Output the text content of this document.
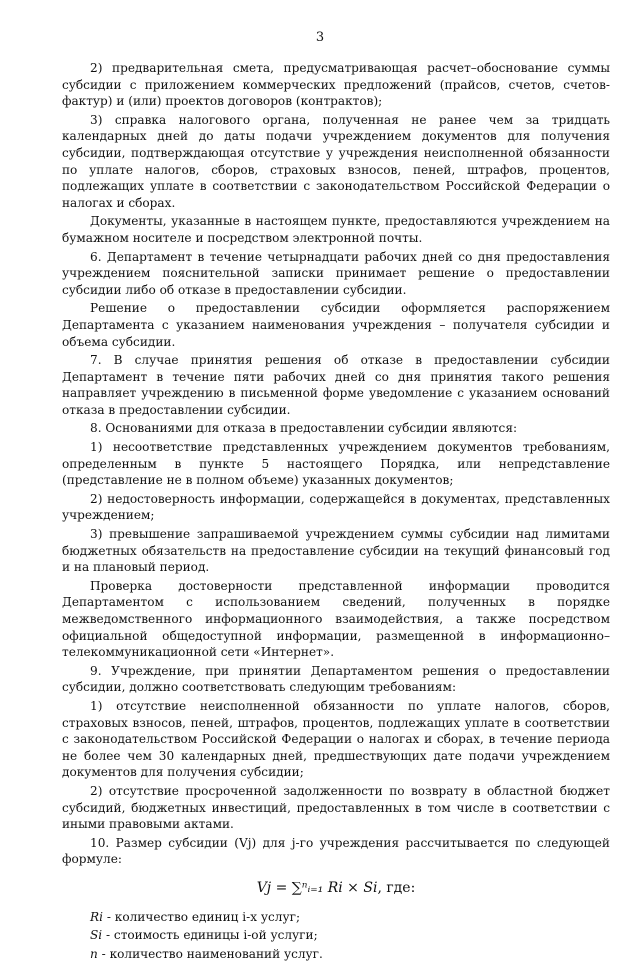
3

2) предварительная смета, предусматривающая расчет–обоснование суммы субсидии с приложением коммерческих предложений (прайсов, счетов, счетов-фактур) и (или) проектов договоров (контрактов);

3) справка налогового органа, полученная не ранее чем за тридцать календарных дней до даты подачи учреждением документов для получения субсидии, подтверждающая отсутствие у учреждения неисполненной обязанности по уплате налогов, сборов, страховых взносов, пеней, штрафов, процентов, подлежащих уплате в соответствии с законодательством Российской Федерации о налогах и сборах.

Документы, указанные в настоящем пункте, предоставляются учреждением на бумажном носителе и посредством электронной почты.

6. Департамент в течение четырнадцати рабочих дней со дня предоставления учреждением пояснительной записки принимает решение о предоставлении субсидии либо об отказе в предоставлении субсидии.

Решение о предоставлении субсидии оформляется распоряжением Департамента с указанием наименования учреждения – получателя субсидии и объема субсидии.

7. В случае принятия решения об отказе в предоставлении субсидии Департамент в течение пяти рабочих дней со дня принятия такого решения направляет учреждению в письменной форме уведомление с указанием оснований отказа в предоставлении субсидии.

8. Основаниями для отказа в предоставлении субсидии являются:

1) несоответствие представленных учреждением документов требованиям, определенным в пункте 5 настоящего Порядка, или непредставление (представление не в полном объеме) указанных документов;

2) недостоверность информации, содержащейся в документах, представленных учреждением;

3) превышение запрашиваемой учреждением суммы субсидии над лимитами бюджетных обязательств на предоставление субсидии на текущий финансовый год и на плановый период.

Проверка достоверности представленной информации проводится Департаментом с использованием сведений, полученных в порядке межведомственного информационного взаимодействия, а также посредством официальной общедоступной информации, размещенной в информационно–телекоммуникационной сети «Интернет».

9. Учреждение, при принятии Департаментом решения о предоставлении субсидии, должно соответствовать следующим требованиям:

1) отсутствие неисполненной обязанности по уплате налогов, сборов, страховых взносов, пеней, штрафов, процентов, подлежащих уплате в соответствии с законодательством Российской Федерации о налогах и сборах, в течение периода не более чем 30 календарных дней, предшествующих дате подачи учреждением документов для получения субсидии;

2) отсутствие просроченной задолженности по возврату в областной бюджет субсидий, бюджетных инвестиций, предоставленных в том числе в соответствии с иными правовыми актами.

10. Размер субсидии (Vj) для j-го учреждения рассчитывается по следующей формуле:

Vj = ∑ⁿᵢ₌₁ Ri × Si, где:

Ri - количество единиц i-х услуг;

Si - стоимость единицы i-ой услуги;

n - количество наименований услуг.
